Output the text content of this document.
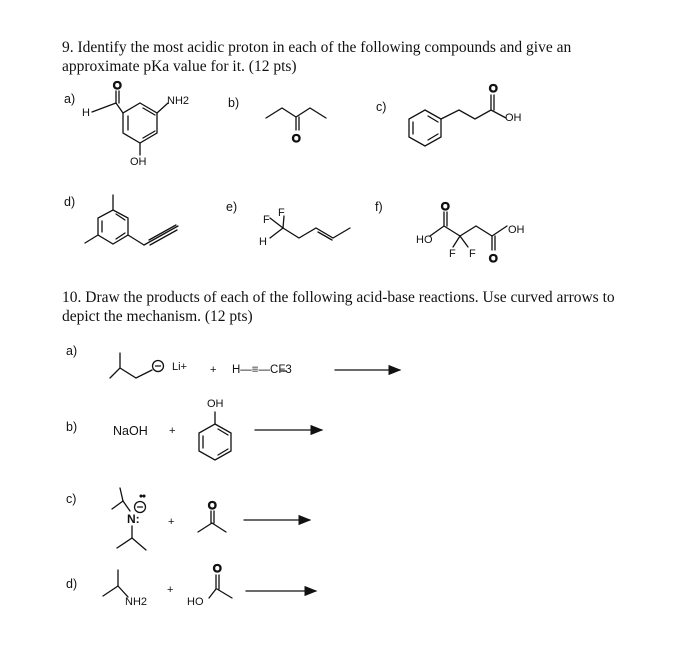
9. Identify the most acidic proton in each of the following compounds and give an
approximate pKa value for it. (12 pts)
a)	b)	c)
d)	e)	f)
H
NH2
OH
OH
F
F
H	HO
OH
F F
10. Draw the products of each of the following acid-base reactions. Use curved arrows to
depict the mechanism. (12 pts)
a)
b)
c)
d)
Li+ + H—≡—CF3
NaOH +
OH
N:	+
NH2
+
HO
O
O
O
O
O
O
O
